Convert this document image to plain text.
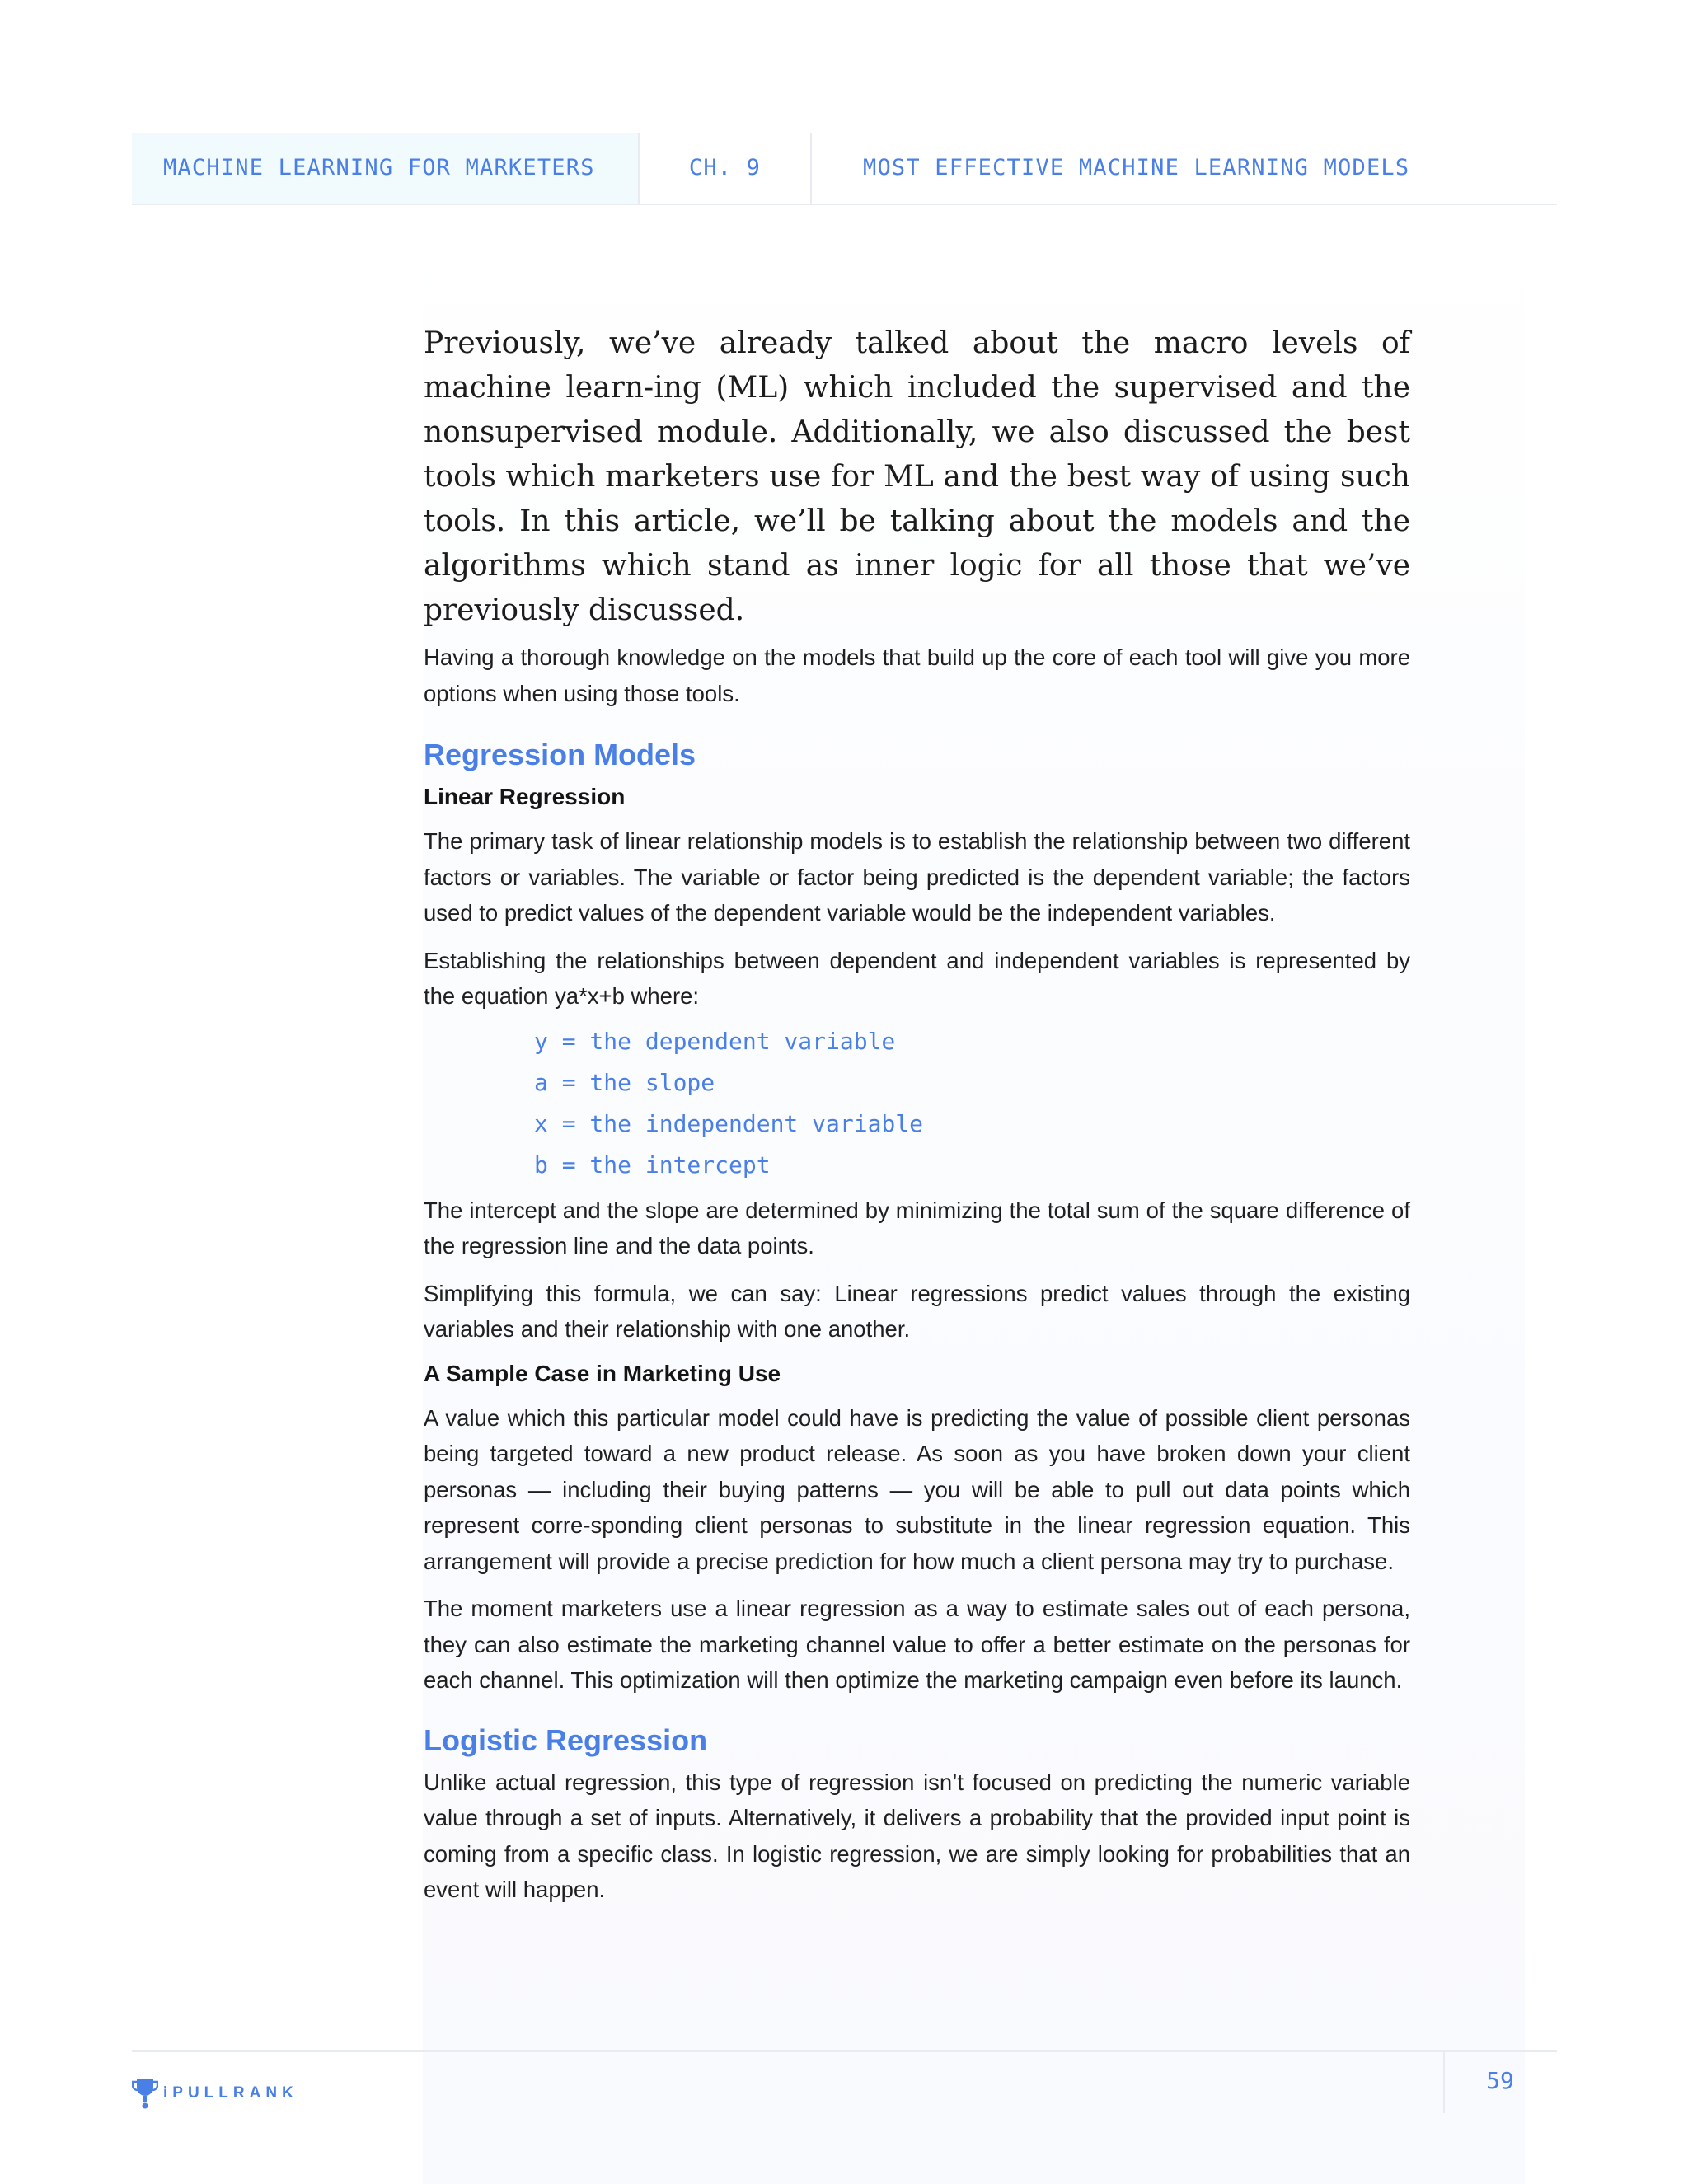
MACHINE LEARNING FOR MARKETERS	CH. 9	MOST EFFECTIVE MACHINE LEARNING MODELS

Previously, we’ve already talked about the macro levels of machine learn-ing (ML) which included the supervised and the nonsupervised module. Additionally, we also discussed the best tools which marketers use for ML and the best way of using such tools. In this article, we’ll be talking about the models and the algorithms which stand as inner logic for all those that we’ve previously discussed.

Having a thorough knowledge on the models that build up the core of each tool will give you more options when using those tools.

Regression Models
Linear Regression

The primary task of linear relationship models is to establish the relationship between two different factors or variables. The variable or factor being predicted is the dependent variable; the factors used to predict values of the dependent variable would be the independent variables.

Establishing the relationships between dependent and independent variables is represented by the equation ya*x+b where:

y = the dependent variable
a = the slope
x = the independent variable
b = the intercept

The intercept and the slope are determined by minimizing the total sum of the square difference of the regression line and the data points.

Simplifying this formula, we can say: Linear regressions predict values through the existing variables and their relationship with one another.

A Sample Case in Marketing Use

A value which this particular model could have is predicting the value of possible client personas being targeted toward a new product release. As soon as you have broken down your client personas — including their buying patterns — you will be able to pull out data points which represent corre-sponding client personas to substitute in the linear regression equation. This arrangement will provide a precise prediction for how much a client persona may try to purchase.

The moment marketers use a linear regression as a way to estimate sales out of each persona, they can also estimate the marketing channel value to offer a better estimate on the personas for each channel. This optimization will then optimize the marketing campaign even before its launch.

Logistic Regression

Unlike actual regression, this type of regression isn’t focused on predicting the numeric variable value through a set of inputs. Alternatively, it delivers a probability that the provided input point is coming from a specific class. In logistic regression, we are simply looking for probabilities that an event will happen.

iPULLRANK	59
